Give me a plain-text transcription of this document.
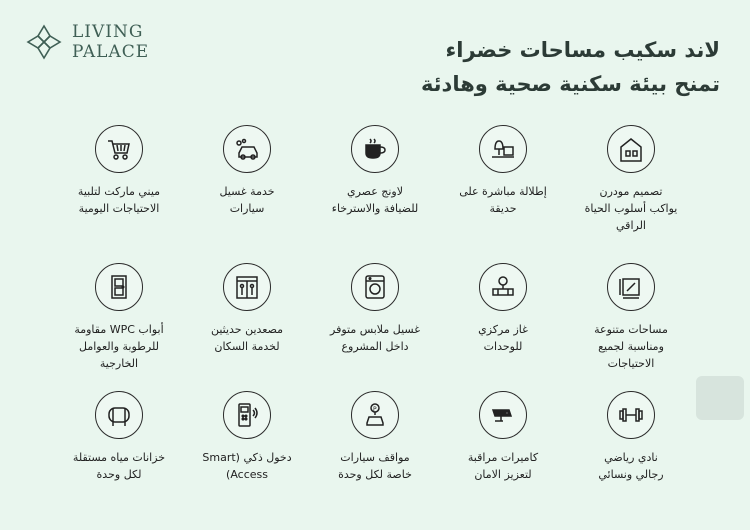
LIVING
PALACE	لاند سكيب مساحات خضراء
تمنح بيئة سكنية صحية وهادئة
تصميم مودرن
يواكب أسلوب الحياة
الراقي
إطلالة مباشرة على
حديقة
لاونج عصري
للضيافة والاسترخاء
خدمة غسيل
سيارات
ميني ماركت لتلبية
الاحتياجات اليومية
مساحات متنوعة
ومناسبة لجميع
الاحتياجات
غاز مركزي
للوحدات
غسيل ملابس متوفر
داخل المشروع
مصعدين حديثين
لخدمة السكان
أبواب WPC مقاومة
للرطوبة والعوامل
الخارجية
نادي رياضي
رجالي ونسائي
كاميرات مراقبة
لتعزيز الامان
P
مواقف سيارات
خاصة لكل وحدة
دخول ذكي (Smart
Access)
خزانات مياه مستقلة
لكل وحدة
